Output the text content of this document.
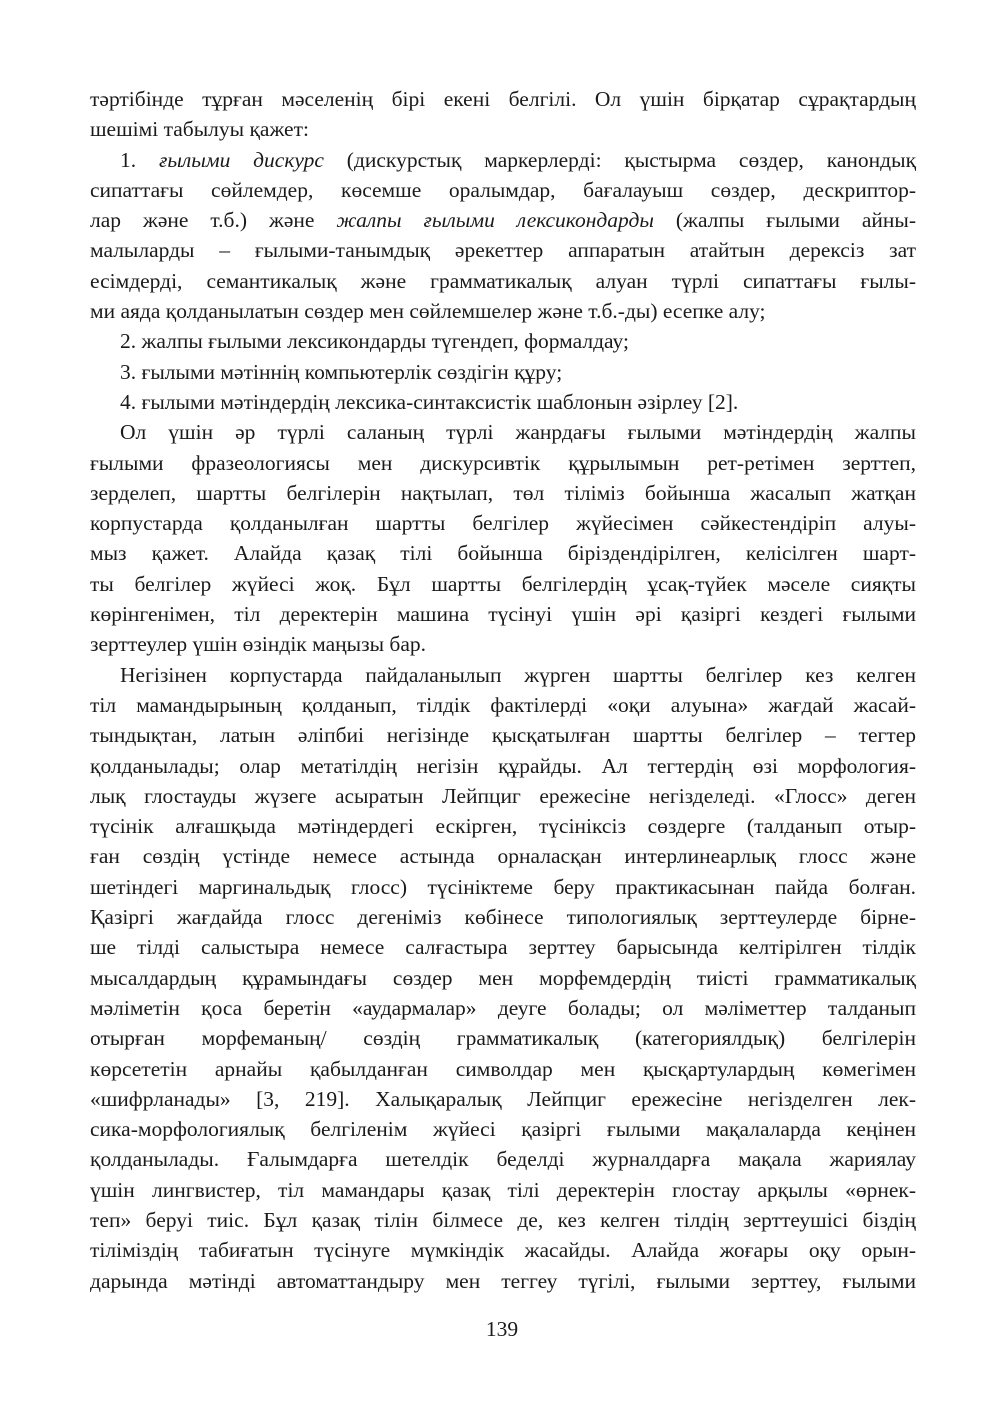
тәртібінде тұрған мәселенің бірі екені белгілі. Ол үшін бірқатар сұрақтардың

шешімі табылуы қажет:

1. ғылыми дискурс (дискурстық маркерлерді: қыстырма сөздер, канондық

сипаттағы сөйлемдер, көсемше оралымдар, бағалауыш сөздер, дескриптор-

лар және т.б.) және жалпы ғылыми лексикондарды (жалпы ғылыми айны-

малыларды – ғылыми-танымдық әрекеттер аппаратын атайтын дерексіз зат

есімдерді, семантикалық және грамматикалық алуан түрлі сипаттағы ғылы-

ми аяда қолданылатын сөздер мен сөйлемшелер және т.б.-ды) есепке алу;

2. жалпы ғылыми лексикондарды түгендеп, формалдау;

3. ғылыми мәтіннің компьютерлік сөздігін құру;

4. ғылыми мәтіндердің лексика-синтаксистік шаблонын әзірлеу [2].

Ол үшін әр түрлі саланың түрлі жанрдағы ғылыми мәтіндердің жалпы

ғылыми фразеологиясы мен дискурсивтік құрылымын рет-ретімен зерттеп,

зерделеп, шартты белгілерін нақтылап, төл тіліміз бойынша жасалып жатқан

корпустарда қолданылған шартты белгілер жүйесімен сәйкестендіріп алуы-

мыз қажет. Алайда қазақ тілі бойынша біріздендірілген, келісілген шарт-

ты белгілер жүйесі жоқ. Бұл шартты белгілердің ұсақ-түйек мәселе сияқты

көрінгенімен, тіл деректерін машина түсінуі үшін әрі қазіргі кездегі ғылыми

зерттеулер үшін өзіндік маңызы бар.

Негізінен корпустарда пайдаланылып жүрген шартты белгілер кез келген

тіл мамандырының қолданып, тілдік фактілерді «оқи алуына» жағдай жасай-

тындықтан, латын әліпбиі негізінде қысқатылған шартты белгілер – тегтер

қолданылады; олар метатілдің негізін құрайды. Ал тегтердің өзі морфология-

лық глостауды жүзеге асыратын Лейпциг ережесіне негізделеді. «Глосс» деген

түсінік алғашқыда мәтіндердегі ескірген, түсініксіз сөздерге (талданып отыр-

ған сөздің үстінде немесе астында орналасқан интерлинеарлық глосс және

шетіндегі маргинальдық глосс) түсініктеме беру практикасынан пайда болған.

Қазіргі жағдайда глосс дегеніміз көбінесе типологиялық зерттеулерде бірне-

ше тілді салыстыра немесе салғастыра зерттеу барысында келтірілген тілдік

мысалдардың құрамындағы сөздер мен морфемдердің тиісті грамматикалық

мәліметін қоса беретін «аудармалар» деуге болады; ол мәліметтер талданып

отырған морфеманың/ сөздің грамматикалық (категориялдық) белгілерін

көрсететін арнайы қабылданған символдар мен қысқартулардың көмегімен

«шифрланады» [3, 219]. Халықаралық Лейпциг ережесіне негізделген лек-

сика-морфологиялық белгіленім жүйесі қазіргі ғылыми мақалаларда кеңінен

қолданылады. Ғалымдарға шетелдік беделді журналдарға мақала жариялау

үшін лингвистер, тіл мамандары қазақ тілі деректерін глостау арқылы «өрнек-

теп» беруі тиіс. Бұл қазақ тілін білмесе де, кез келген тілдің зерттеушісі біздің

тіліміздің табиғатын түсінуге мүмкіндік жасайды. Алайда жоғары оқу орын-

дарында мәтінді автоматтандыру мен теггеу түгілі, ғылыми зерттеу, ғылыми

139
